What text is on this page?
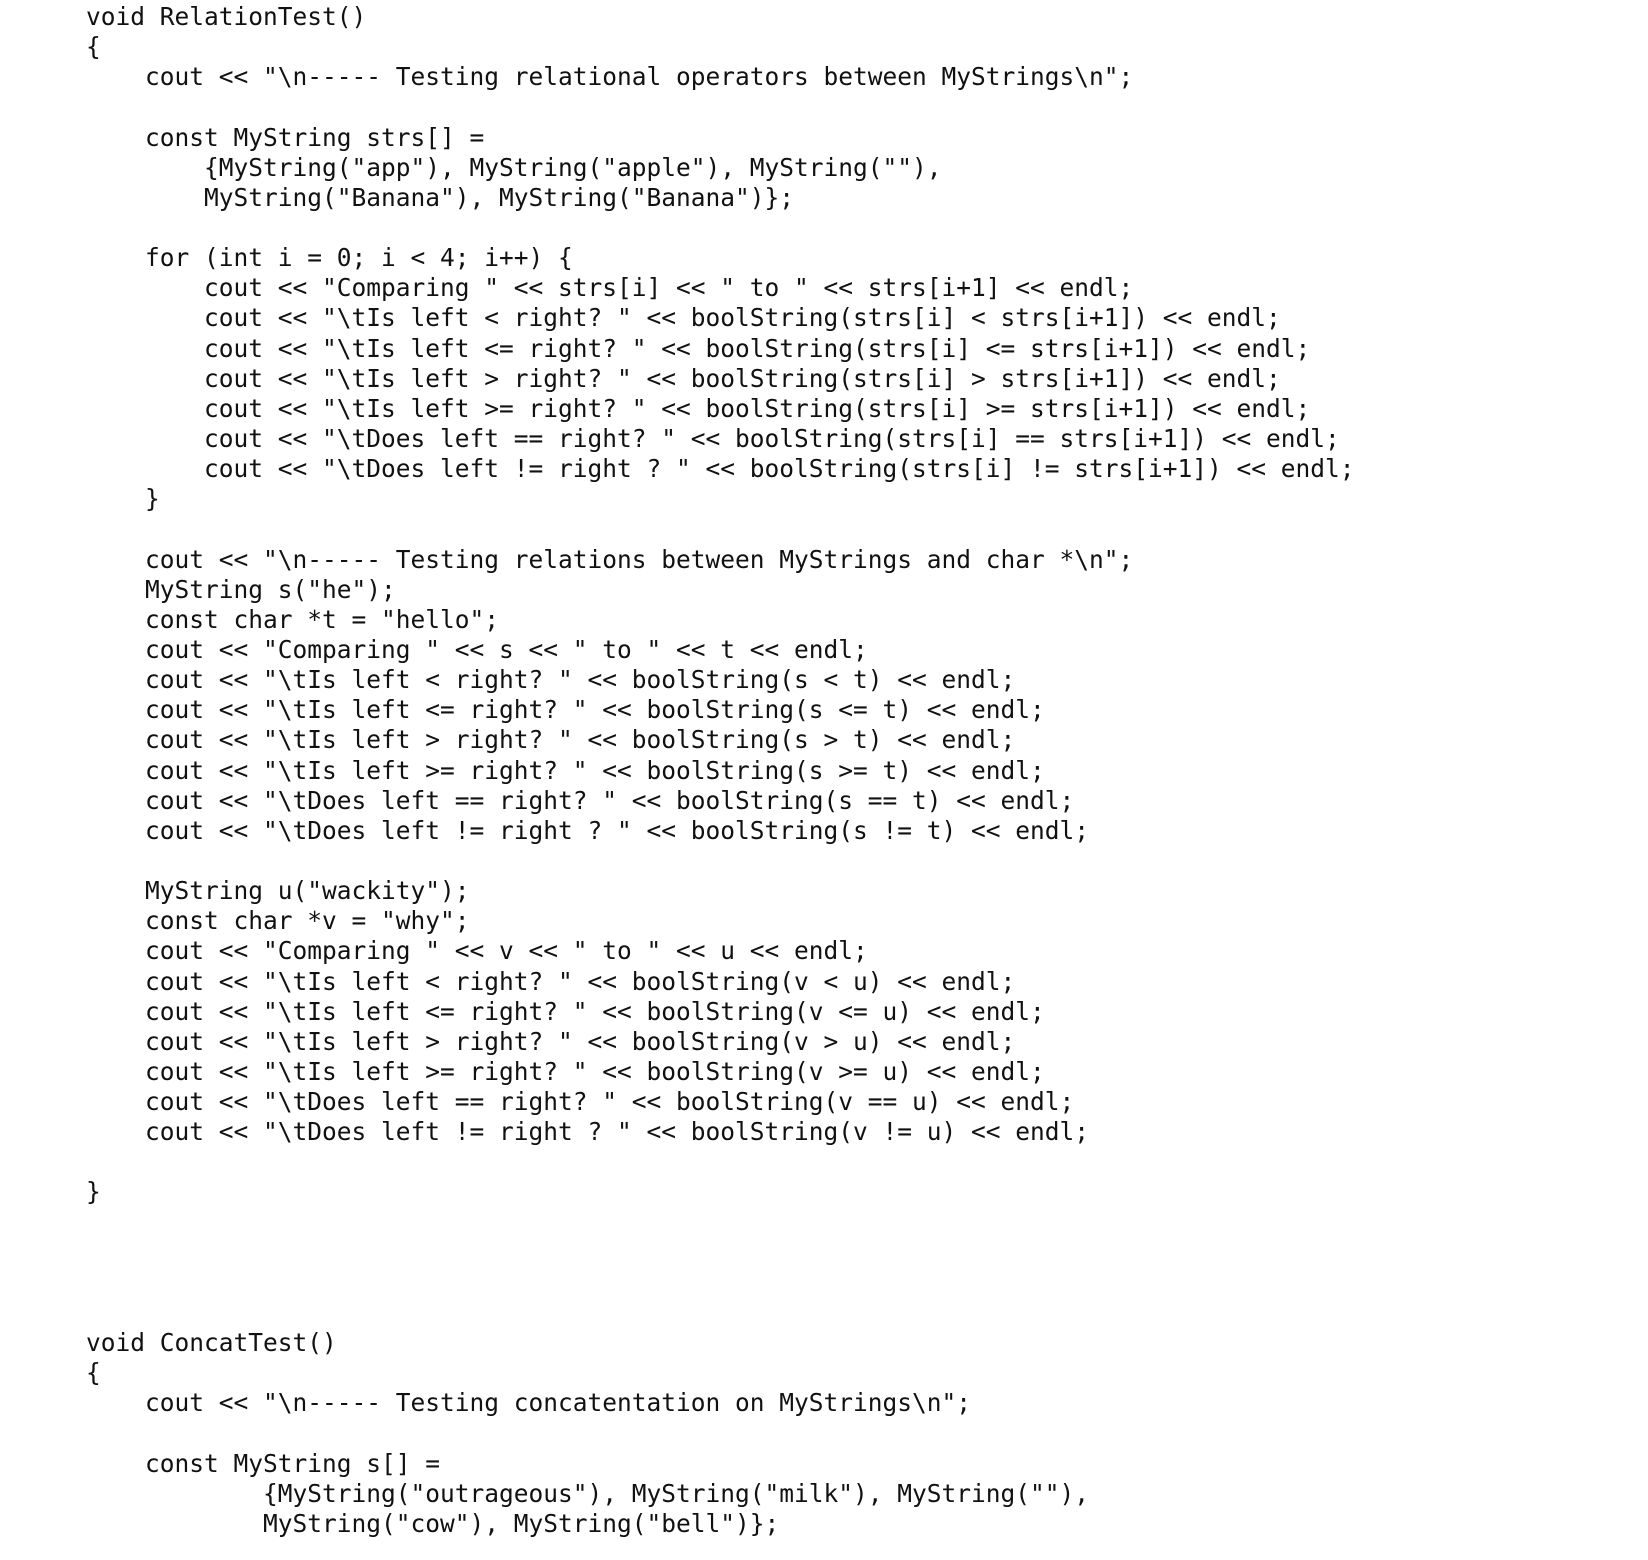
void RelationTest()
{
cout << "\n----- Testing relational operators between MyStrings\n";
const MyString strs[] =
{MyString("app"), MyString("apple"), MyString(""),
MyString("Banana"), MyString("Banana")};
for (int i = 0; i < 4; i++) {
cout << "Comparing " << strs[i] << " to " << strs[i+1] << endl;
cout << "\tIs left < right? " << boolString(strs[i] < strs[i+1]) << endl;
cout << "\tIs left <= right? " << boolString(strs[i] <= strs[i+1]) << endl;
cout << "\tIs left > right? " << boolString(strs[i] > strs[i+1]) << endl;
cout << "\tIs left >= right? " << boolString(strs[i] >= strs[i+1]) << endl;
cout << "\tDoes left == right? " << boolString(strs[i] == strs[i+1]) << endl;
cout << "\tDoes left != right ? " << boolString(strs[i] != strs[i+1]) << endl;
}
cout << "\n----- Testing relations between MyStrings and char *\n";
MyString s("he");
const char *t = "hello";
cout << "Comparing " << s << " to " << t << endl;
cout << "\tIs left < right? " << boolString(s < t) << endl;
cout << "\tIs left <= right? " << boolString(s <= t) << endl;
cout << "\tIs left > right? " << boolString(s > t) << endl;
cout << "\tIs left >= right? " << boolString(s >= t) << endl;
cout << "\tDoes left == right? " << boolString(s == t) << endl;
cout << "\tDoes left != right ? " << boolString(s != t) << endl;
MyString u("wackity");
const char *v = "why";
cout << "Comparing " << v << " to " << u << endl;
cout << "\tIs left < right? " << boolString(v < u) << endl;
cout << "\tIs left <= right? " << boolString(v <= u) << endl;
cout << "\tIs left > right? " << boolString(v > u) << endl;
cout << "\tIs left >= right? " << boolString(v >= u) << endl;
cout << "\tDoes left == right? " << boolString(v == u) << endl;
cout << "\tDoes left != right ? " << boolString(v != u) << endl;
}
void ConcatTest()
{
cout << "\n----- Testing concatentation on MyStrings\n";
const MyString s[] =
{MyString("outrageous"), MyString("milk"), MyString(""),
MyString("cow"), MyString("bell")};
